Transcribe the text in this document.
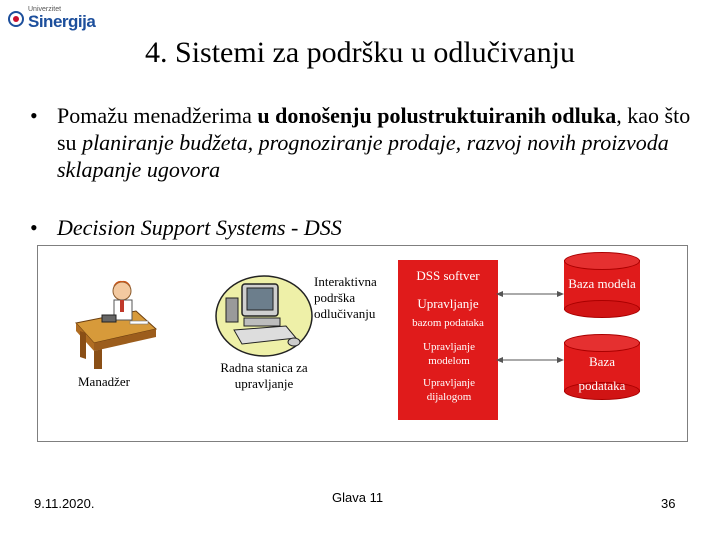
Univerzitet
Sinergija
4. Sistemi za podršku u odlučivanju
• Pomažu menadžerima u donošenju polustruktuiranih odluka, kao što su planiranje budžeta, prognoziranje prodaje, razvoj novih proizvoda sklapanje ugovora
• Decision Support Systems - DSS
Manadžer
Radna stanica za upravljanje
Interaktivna podrška odlučivanju
DSS softver
Upravljanje
bazom podataka
Upravljanje modelom
Upravljanje dijalogom
Baza modela
Baza
podataka
9.11.2020.	Glava 11	36
